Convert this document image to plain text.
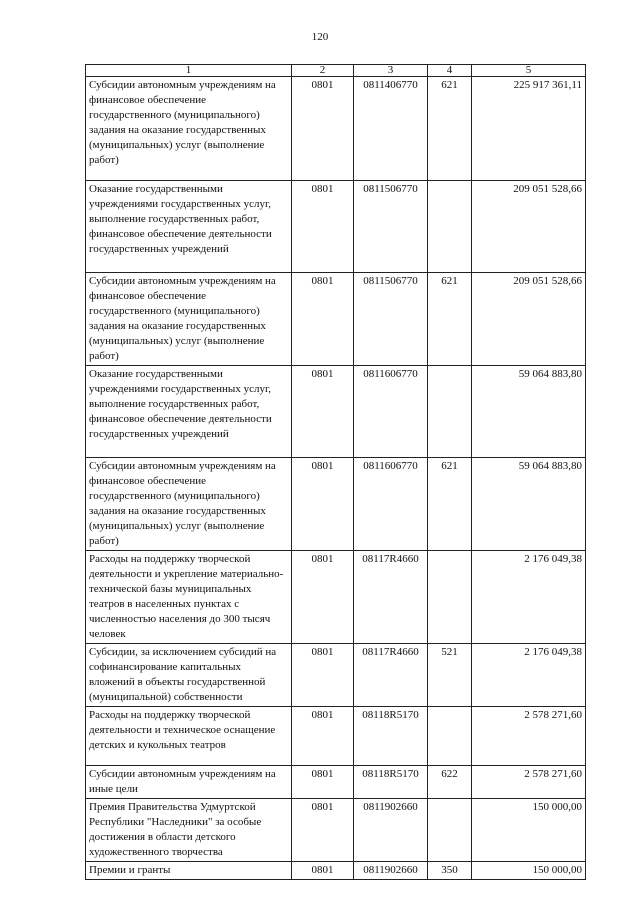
120
1	2	3	4	5
Субсидии автономным учреждениям на финансовое обеспечение государственного (муниципального) задания на оказание государственных (муниципальных) услуг (выполнение работ)	0801	0811406770	621	225 917 361,11
Оказание государственными учреждениями государственных услуг, выполнение государственных работ, финансовое обеспечение деятельности государственных учреждений	0801	0811506770		209 051 528,66
Субсидии автономным учреждениям на финансовое обеспечение государственного (муниципального) задания на оказание государственных (муниципальных) услуг (выполнение работ)	0801	0811506770	621	209 051 528,66
Оказание государственными учреждениями государственных услуг, выполнение государственных работ, финансовое обеспечение деятельности государственных учреждений	0801	0811606770		59 064 883,80
Субсидии автономным учреждениям на финансовое обеспечение государственного (муниципального) задания на оказание государственных (муниципальных) услуг (выполнение работ)	0801	0811606770	621	59 064 883,80
Расходы на поддержку творческой деятельности и укрепление материально-технической базы муниципальных театров в населенных пунктах с численностью населения до 300 тысяч человек	0801	08117R4660		2 176 049,38
Субсидии, за исключением субсидий на софинансирование капитальных вложений в объекты государственной (муниципальной) собственности	0801	08117R4660	521	2 176 049,38
Расходы на поддержку творческой деятельности и техническое оснащение детских и кукольных театров	0801	08118R5170		2 578 271,60
Субсидии автономным учреждениям на иные цели	0801	08118R5170	622	2 578 271,60
Премия Правительства Удмуртской Республики "Наследники" за особые достижения в области детского художественного творчества	0801	0811902660		150 000,00
Премии и гранты	0801	0811902660	350	150 000,00
